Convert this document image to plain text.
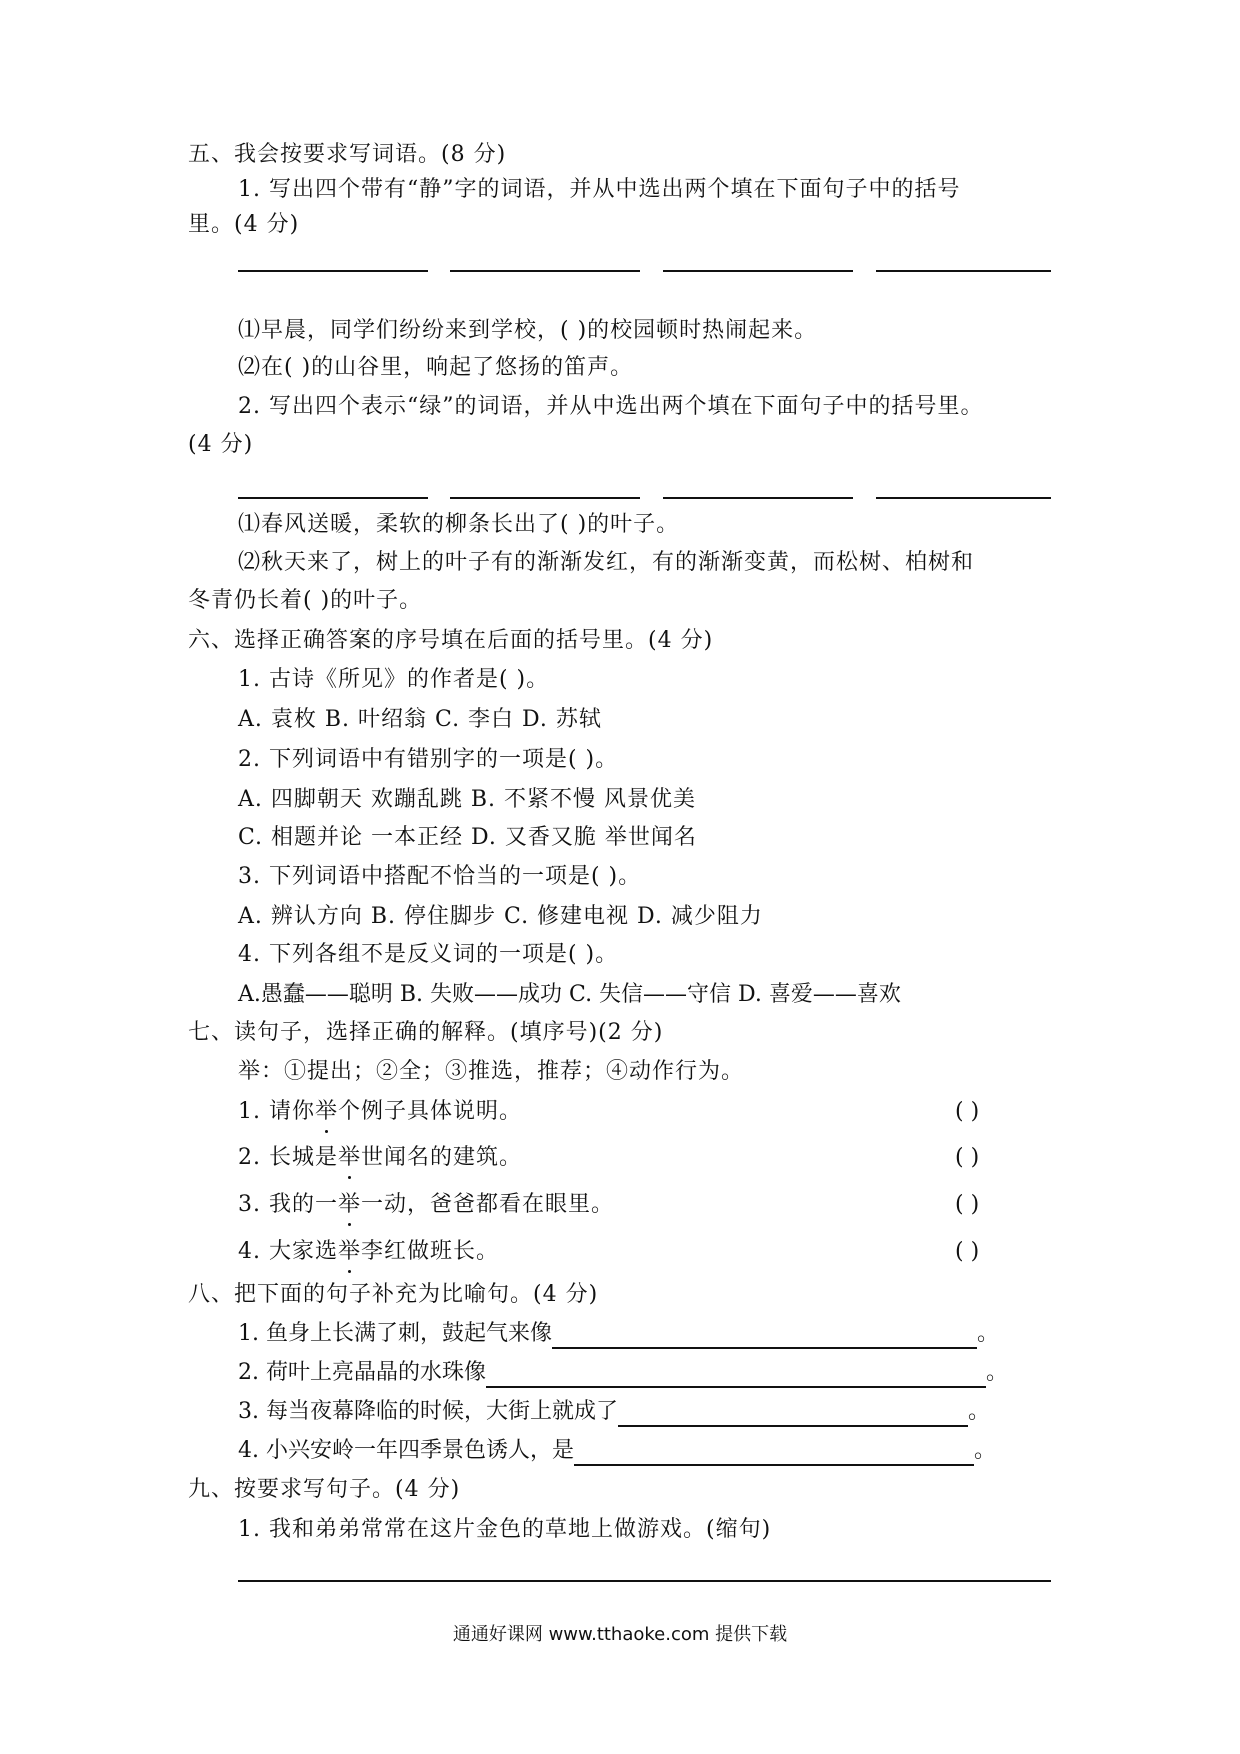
五、我会按要求写词语。(8 分)
1. 写出四个带有“静”字的词语，并从中选出两个填在下面句子中的括号
里。(4 分)
⑴早晨，同学们纷纷来到学校，( )的校园顿时热闹起来。
⑵在( )的山谷里，响起了悠扬的笛声。
2. 写出四个表示“绿”的词语，并从中选出两个填在下面句子中的括号里。
(4 分)
⑴春风送暖，柔软的柳条长出了( )的叶子。
⑵秋天来了，树上的叶子有的渐渐发红，有的渐渐变黄，而松树、柏树和
冬青仍长着( )的叶子。
六、选择正确答案的序号填在后面的括号里。(4 分)
1. 古诗《所见》的作者是( )。
A. 袁枚 B. 叶绍翁 C. 李白 D. 苏轼
2. 下列词语中有错别字的一项是( )。
A. 四脚朝天 欢蹦乱跳 B. 不紧不慢 风景优美
C. 相题并论 一本正经 D. 又香又脆 举世闻名
3. 下列词语中搭配不恰当的一项是( )。
A. 辨认方向 B. 停住脚步 C. 修建电视 D. 减少阻力
4. 下列各组不是反义词的一项是( )。
A.愚蠢——聪明 B. 失败——成功 C. 失信——守信 D. 喜爱——喜欢
七、读句子，选择正确的解释。(填序号)(2 分)
举：①提出；②全；③推选，推荐；④动作行为。
1. 请你举个例子具体说明。	( )
2. 长城是举世闻名的建筑。	( )
3. 我的一举一动，爸爸都看在眼里。	( )
4. 大家选举李红做班长。	( )
八、把下面的句子补充为比喻句。(4 分)
1. 鱼身上长满了刺，鼓起气来像	。
2. 荷叶上亮晶晶的水珠像	。
3. 每当夜幕降临的时候，大街上就成了	。
4. 小兴安岭一年四季景色诱人，是	。
九、按要求写句子。(4 分)
1. 我和弟弟常常在这片金色的草地上做游戏。(缩句)
通通好课网 www.tthaoke.com 提供下载
